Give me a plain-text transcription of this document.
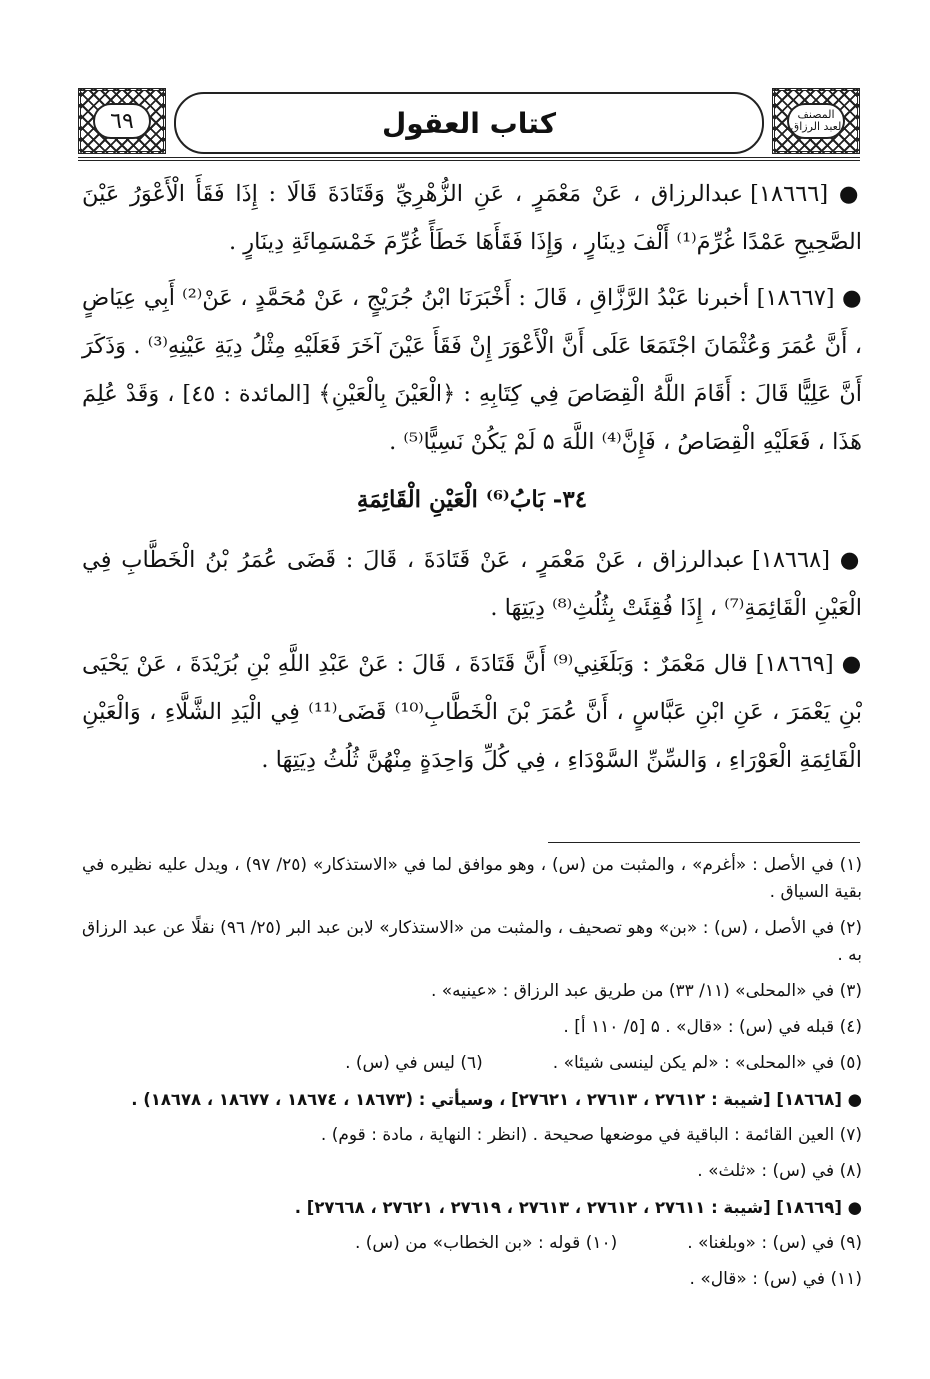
٦٩	كتاب العقول	المصنف
لعبد الرزاق

● [١٨٦٦٦] عبدالرزاق ، عَنْ مَعْمَرٍ ، عَنِ الزُّهْرِيِّ وَقَتَادَةَ قَالَا : إِذَا فَقَأَ الْأَعْوَرُ عَيْنَ الصَّحِيحِ عَمْدًا غُرِّمَ⁽¹⁾ أَلْفَ دِينَارٍ ، وَإِذَا فَقَأَهَا خَطَأً غُرِّمَ خَمْسَمِائَةِ دِينَارٍ .

● [١٨٦٦٧] أخبرنا عَبْدُ الرَّزَّاقِ ، قَالَ : أَخْبَرَنَا ابْنُ جُرَيْجٍ ، عَنْ مُحَمَّدٍ ، عَنْ⁽²⁾ أَبِي عِيَاضٍ ، أَنَّ عُمَرَ وَعُثْمَانَ اجْتَمَعَا عَلَى أَنَّ الْأَعْوَرَ إِنْ فَقَأَ عَيْنَ آخَرَ فَعَلَيْهِ مِثْلُ دِيَةِ عَيْنِهِ⁽³⁾ . وَذَكَرَ أَنَّ عَلِيًّا قَالَ : أَقَامَ اللَّهُ الْقِصَاصَ فِي كِتَابِهِ : ﴿الْعَيْنَ بِالْعَيْنِ﴾ [المائدة : ٤٥] ، وَقَدْ عُلِمَ هَذَا ، فَعَلَيْهِ الْقِصَاصُ ، فَإِنَّ⁽⁴⁾ اللَّهَ ۵ لَمْ يَكُنْ نَسِيًّا⁽⁵⁾ .

٣٤- بَابُ⁽⁶⁾ الْعَيْنِ الْقَائِمَةِ

● [١٨٦٦٨] عبدالرزاق ، عَنْ مَعْمَرٍ ، عَنْ قَتَادَةَ ، قَالَ : قَضَى عُمَرُ بْنُ الْخَطَّابِ فِي الْعَيْنِ الْقَائِمَةِ⁽⁷⁾ ، إِذَا فُقِئَتْ بِثُلُثِ⁽⁸⁾ دِيَتِهَا .

● [١٨٦٦٩] قال مَعْمَرٌ : وَبَلَغَنِي⁽⁹⁾ أَنَّ قَتَادَةَ ، قَالَ : عَنْ عَبْدِ اللَّهِ بْنِ بُرَيْدَةَ ، عَنْ يَحْيَى بْنِ يَعْمَرَ ، عَنِ ابْنِ عَبَّاسٍ ، أَنَّ عُمَرَ بْنَ الْخَطَّابِ⁽¹⁰⁾ قَضَى⁽¹¹⁾ فِي الْيَدِ الشَّلَّاءِ ، وَالْعَيْنِ الْقَائِمَةِ الْعَوْرَاءِ ، وَالسِّنِّ السَّوْدَاءِ ، فِي كُلِّ وَاحِدَةٍ مِنْهُنَّ ثُلُثُ دِيَتِهَا .

(١) في الأصل : «أغرم» ، والمثبت من (س) ، وهو موافق لما في «الاستذكار» (٢٥/ ٩٧) ، ويدل عليه نظيره في بقية السياق .

(٢) في الأصل ، (س) : «بن» وهو تصحيف ، والمثبت من «الاستذكار» لابن عبد البر (٢٥/ ٩٦) نقلًا عن عبد الرزاق به .

(٣) في «المحلى» (١١/ ٣٣) من طريق عبد الرزاق : «عينيه» .

(٤) قبله في (س) : «قال» . ۵ [٥/ ١١٠ أ] .

(٥) في «المحلى» : «لم يكن لينسى شيئا» .
(٦) ليس في (س) .

● [١٨٦٦٨] [شيبة : ٢٧٦١٢ ، ٢٧٦١٣ ، ٢٧٦٢١] ، وسيأتي : (١٨٦٧٣ ، ١٨٦٧٤ ، ١٨٦٧٧ ، ١٨٦٧٨) .

(٧) العين القائمة : الباقية في موضعها صحيحة . (انظر : النهاية ، مادة : قوم) .

(٨) في (س) : «ثلث» .

● [١٨٦٦٩] [شيبة : ٢٧٦١١ ، ٢٧٦١٢ ، ٢٧٦١٣ ، ٢٧٦١٩ ، ٢٧٦٢١ ، ٢٧٦٦٨] .

(٩) في (س) : «وبلغنا» .
(١٠) قوله : «بن الخطاب» من (س) .

(١١) في (س) : «قال» .
